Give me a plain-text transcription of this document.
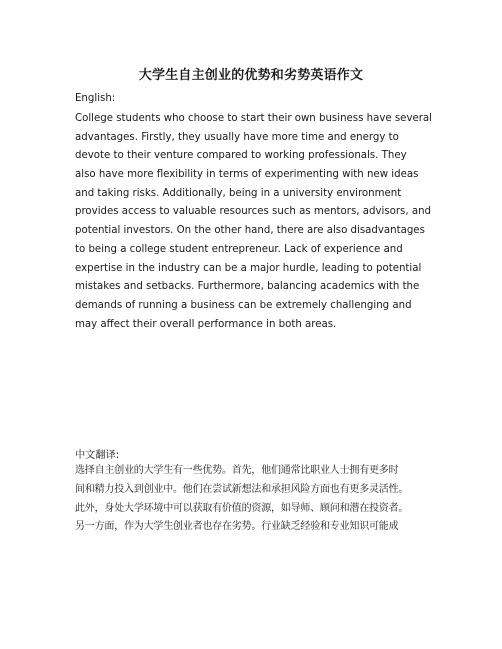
大学生自主创业的优势和劣势英语作文

English:

College students who choose to start their own business have several
advantages. Firstly, they usually have more time and energy to
devote to their venture compared to working professionals. They
also have more flexibility in terms of experimenting with new ideas
and taking risks. Additionally, being in a university environment
provides access to valuable resources such as mentors, advisors, and
potential investors. On the other hand, there are also disadvantages
to being a college student entrepreneur. Lack of experience and
expertise in the industry can be a major hurdle, leading to potential
mistakes and setbacks. Furthermore, balancing academics with the
demands of running a business can be extremely challenging and
may affect their overall performance in both areas.

中文翻译:

选择自主创业的大学生有一些优势。首先，他们通常比职业人士拥有更多时
间和精力投入到创业中。他们在尝试新想法和承担风险方面也有更多灵活性。
此外，身处大学环境中可以获取有价值的资源，如导师、顾问和潜在投资者。
另一方面，作为大学生创业者也存在劣势。行业缺乏经验和专业知识可能成
